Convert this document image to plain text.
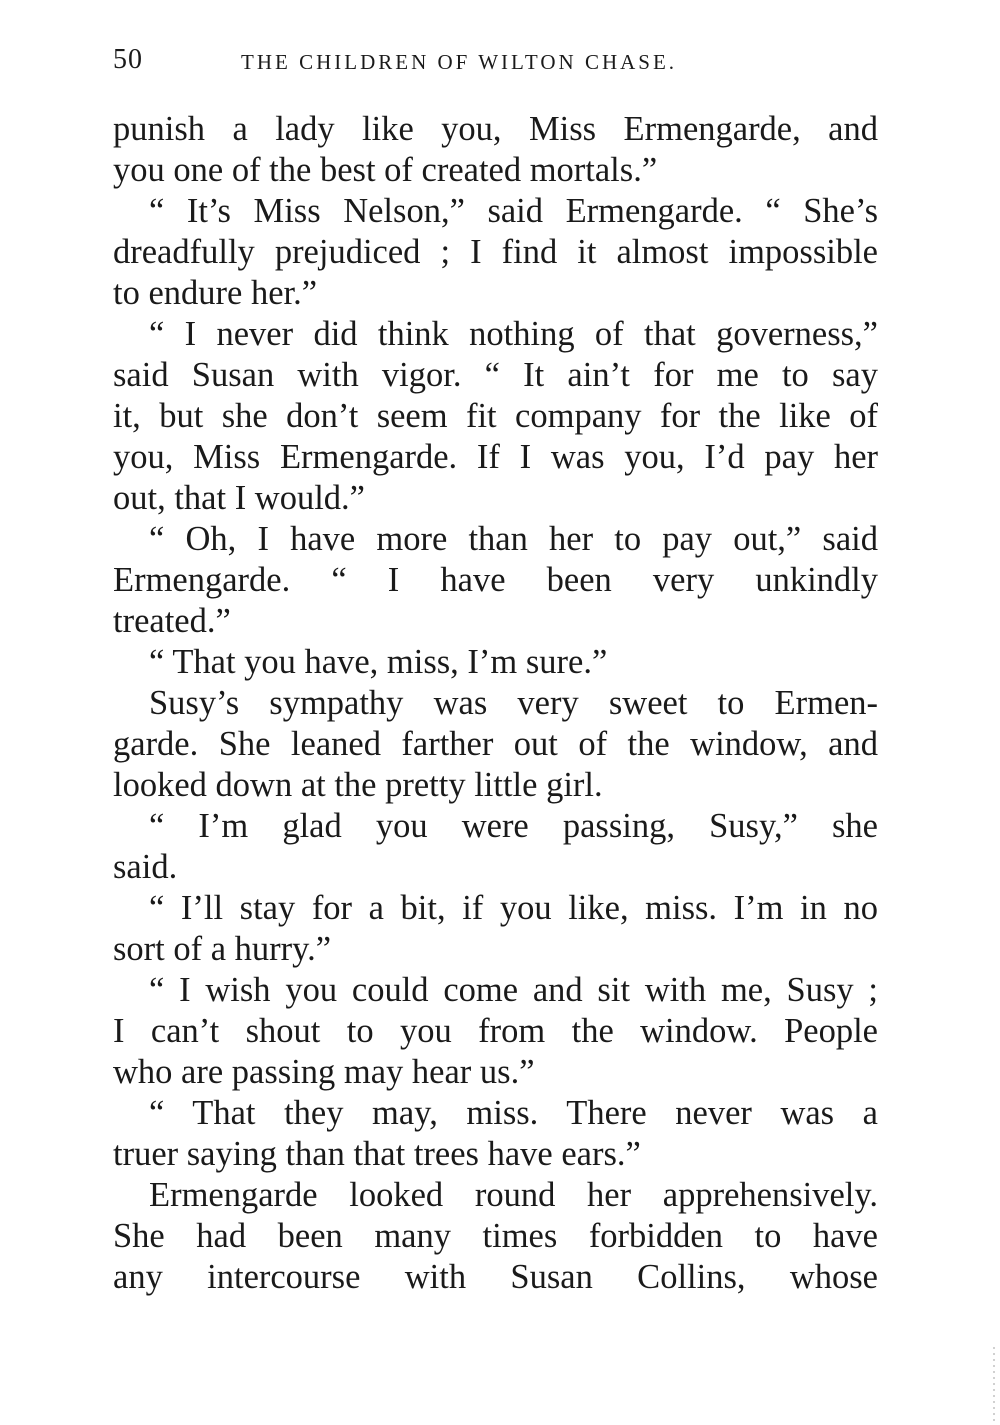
50	THE CHILDREN OF WILTON CHASE.
punish a lady like you, Miss Ermengarde, and
you one of the best of created mortals.”
“ It’s Miss Nelson,” said Ermengarde. “ She’s
dreadfully prejudiced ; I find it almost impossible
to endure her.”
“ I never did think nothing of that governess,”
said Susan with vigor. “ It ain’t for me to say
it, but she don’t seem fit company for the like of
you, Miss Ermengarde. If I was you, I’d pay her
out, that I would.”
“ Oh, I have more than her to pay out,” said
Ermengarde. “ I have been very unkindly
treated.”
“ That you have, miss, I’m sure.”
Susy’s sympathy was very sweet to Ermen-
garde. She leaned farther out of the window, and
looked down at the pretty little girl.
“ I’m glad you were passing, Susy,” she
said.
“ I’ll stay for a bit, if you like, miss. I’m in no
sort of a hurry.”
“ I wish you could come and sit with me, Susy ;
I can’t shout to you from the window. People
who are passing may hear us.”
“ That they may, miss. There never was a
truer saying than that trees have ears.”
Ermengarde looked round her apprehensively.
She had been many times forbidden to have
any intercourse with Susan Collins, whose
